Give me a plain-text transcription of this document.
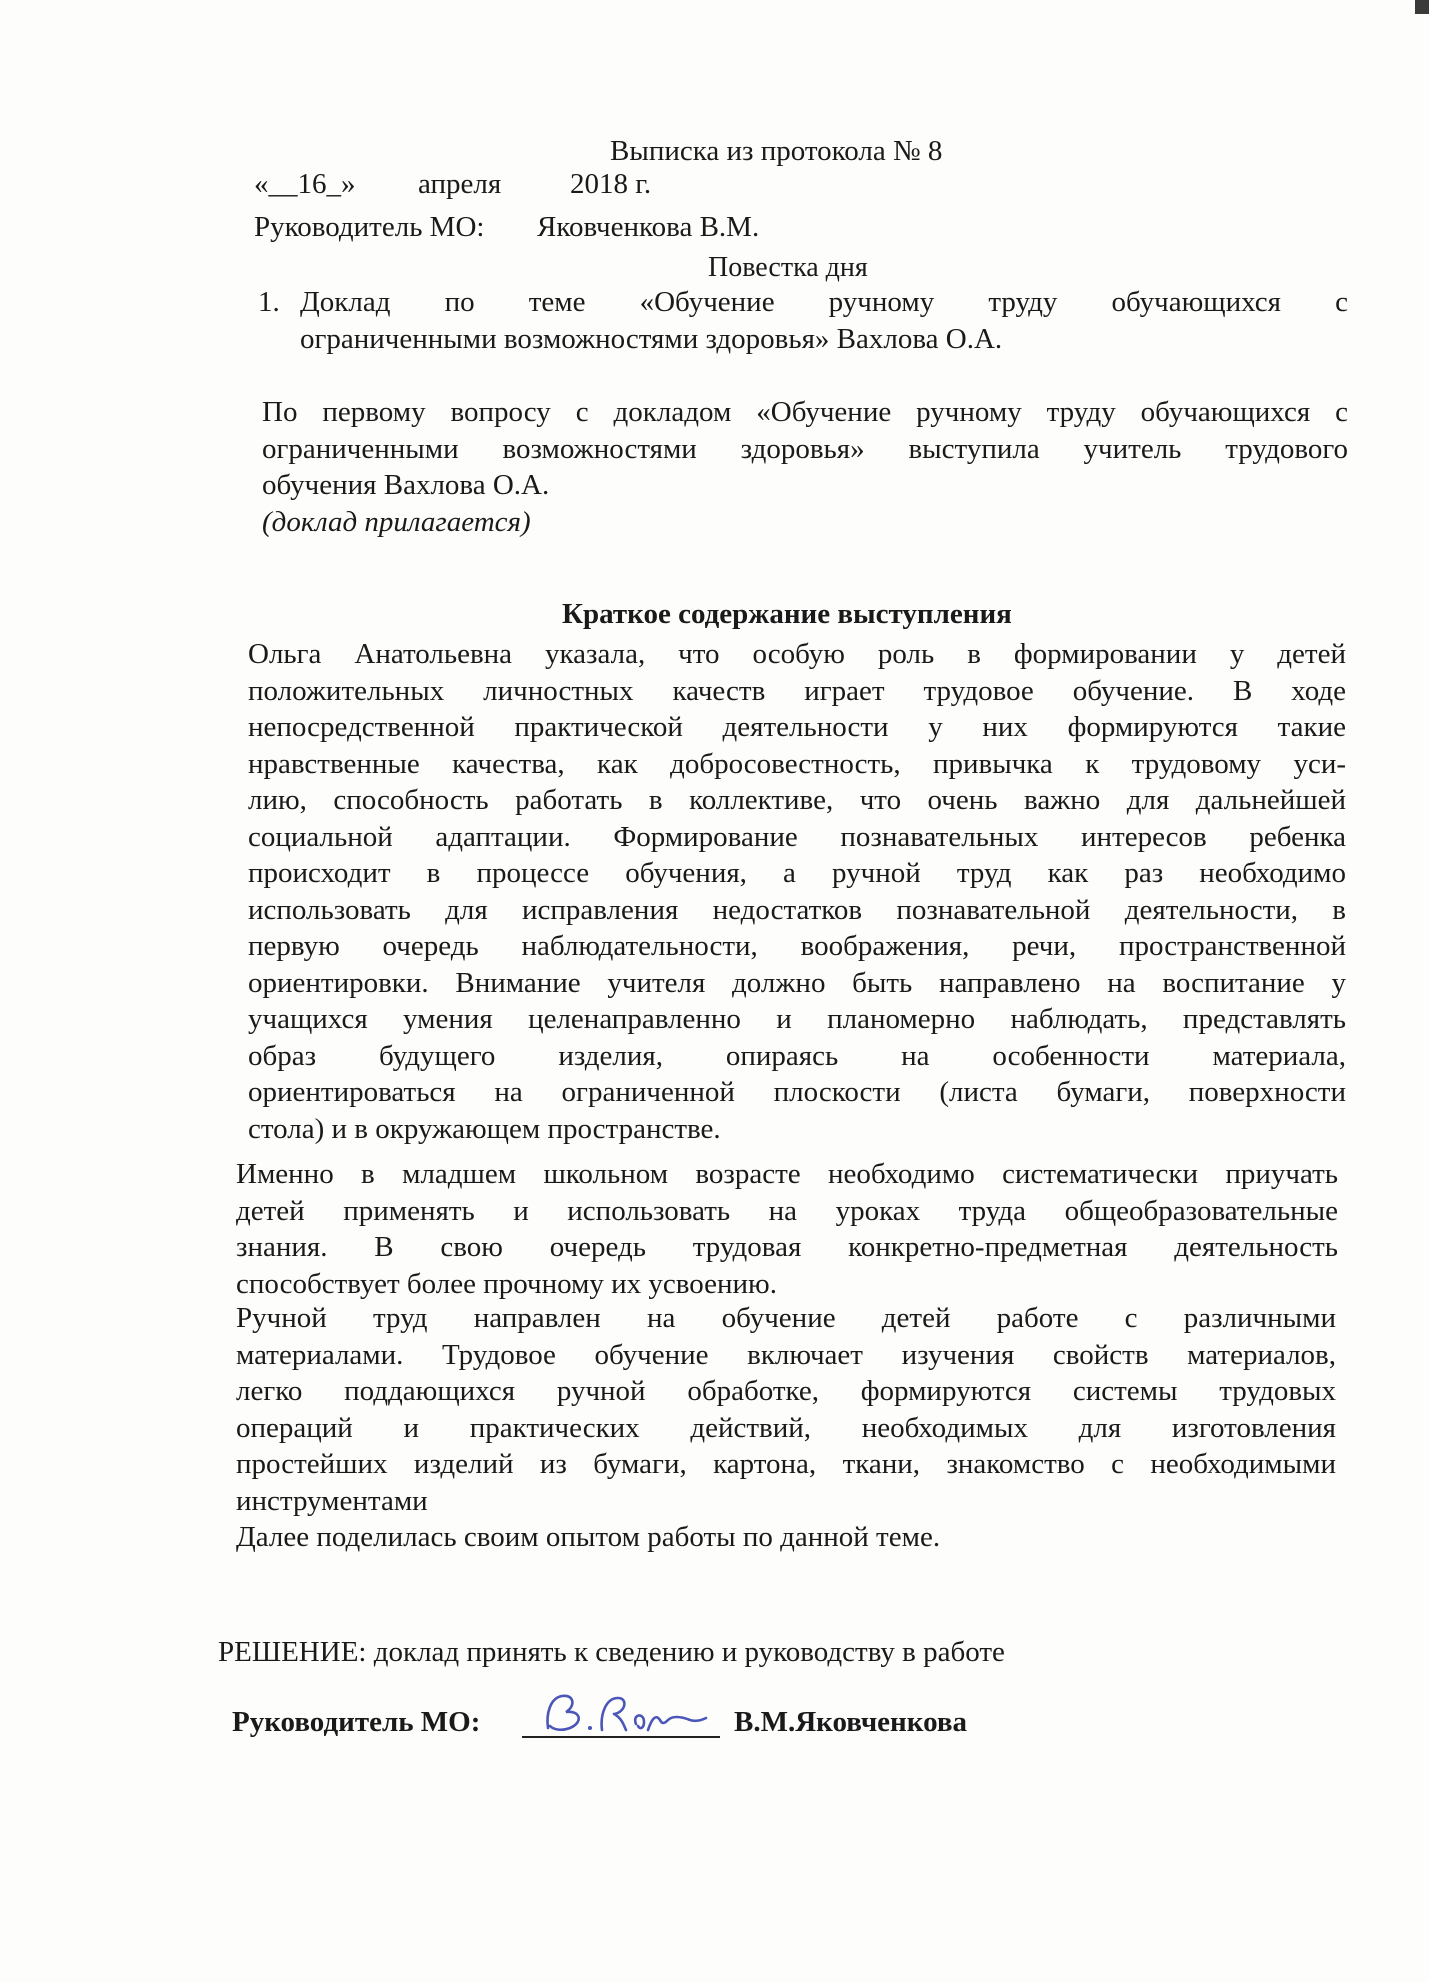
Выписка из протокола № 8
«__16_» апреля 2018 г.
Руководитель МО: Яковченкова В.М.
Повестка дня
1. Доклад по теме «Обучение ручному труду обучающихся с
ограниченными возможностями здоровья» Вахлова О.А.
По первому вопросу с докладом «Обучение ручному труду обучающихся с
ограниченными возможностями здоровья» выступила учитель трудового
обучения Вахлова О.А.
(доклад прилагается)
Краткое содержание выступления
Ольга Анатольевна указала, что особую роль в формировании у детей
положительных личностных качеств играет трудовое обучение. В ходе
непосредственной практической деятельности у них формируются такие
нравственные качества, как добросовестность, привычка к трудовому уси-
лию, способность работать в коллективе, что очень важно для дальнейшей
социальной адаптации. Формирование познавательных интересов ребенка
происходит в процессе обучения, а ручной труд как раз необходимо
использовать для исправления недостатков познавательной деятельности, в
первую очередь наблюдательности, воображения, речи, пространственной
ориентировки. Внимание учителя должно быть направлено на воспитание у
учащихся умения целенаправленно и планомерно наблюдать, представлять
образ будущего изделия, опираясь на особенности материала,
ориентироваться на ограниченной плоскости (листа бумаги, поверхности
стола) и в окружающем пространстве.
Именно в младшем школьном возрасте необходимо систематически приучать
детей применять и использовать на уроках труда общеобразовательные
знания. В свою очередь трудовая конкретно-предметная деятельность
способствует более прочному их усвоению.
Ручной труд направлен на обучение детей работе с различными
материалами. Трудовое обучение включает изучения свойств материалов,
легко поддающихся ручной обработке, формируются системы трудовых
операций и практических действий, необходимых для изготовления
простейших изделий из бумаги, картона, ткани, знакомство с необходимыми
инструментами
Далее поделилась своим опытом работы по данной теме.
РЕШЕНИЕ: доклад принять к сведению и руководству в работе
Руководитель МО:	В.М.Яковченкова
